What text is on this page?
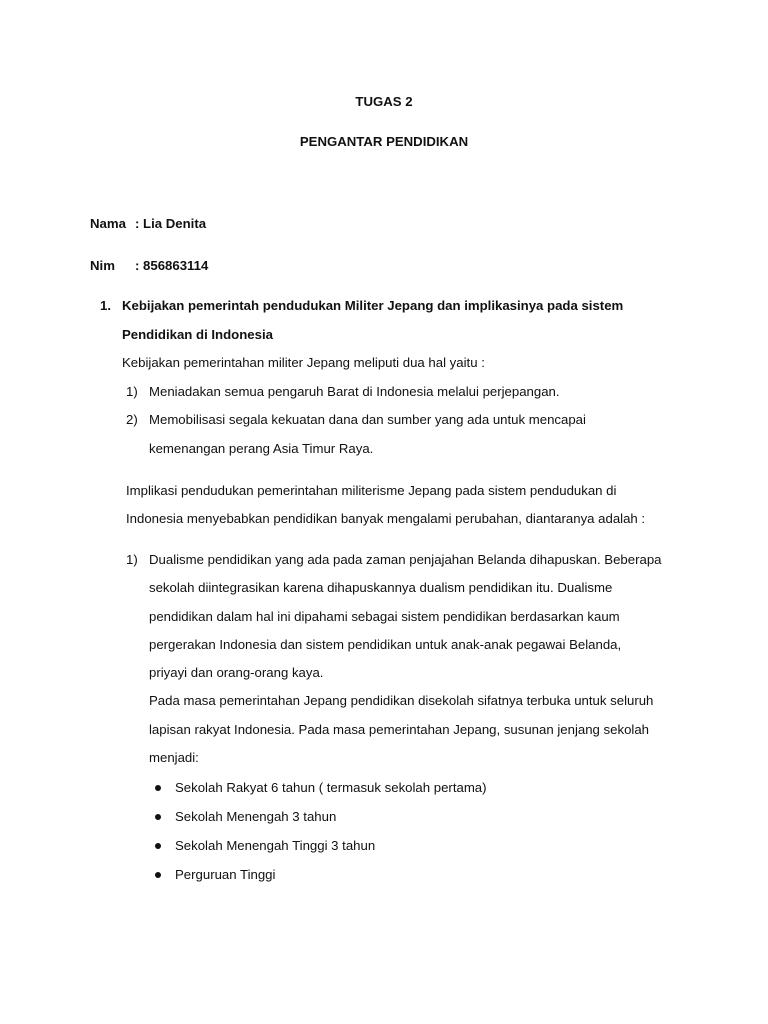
TUGAS 2
PENGANTAR PENDIDIKAN
Nama : Lia Denita
Nim : 856863114
1. Kebijakan pemerintah pendudukan Militer Jepang dan implikasinya pada sistem
Pendidikan di Indonesia
Kebijakan pemerintahan militer Jepang meliputi dua hal yaitu :
1) Meniadakan semua pengaruh Barat di Indonesia melalui perjepangan.
2) Memobilisasi segala kekuatan dana dan sumber yang ada untuk mencapai
kemenangan perang Asia Timur Raya.
Implikasi pendudukan pemerintahan militerisme Jepang pada sistem pendudukan di
Indonesia menyebabkan pendidikan banyak mengalami perubahan, diantaranya adalah :
1) Dualisme pendidikan yang ada pada zaman penjajahan Belanda dihapuskan. Beberapa
sekolah diintegrasikan karena dihapuskannya dualism pendidikan itu. Dualisme
pendidikan dalam hal ini dipahami sebagai sistem pendidikan berdasarkan kaum
pergerakan Indonesia dan sistem pendidikan untuk anak-anak pegawai Belanda,
priyayi dan orang-orang kaya.
Pada masa pemerintahan Jepang pendidikan disekolah sifatnya terbuka untuk seluruh
lapisan rakyat Indonesia. Pada masa pemerintahan Jepang, susunan jenjang sekolah
menjadi:
Sekolah Rakyat 6 tahun ( termasuk sekolah pertama)
Sekolah Menengah 3 tahun
Sekolah Menengah Tinggi 3 tahun
Perguruan Tinggi
